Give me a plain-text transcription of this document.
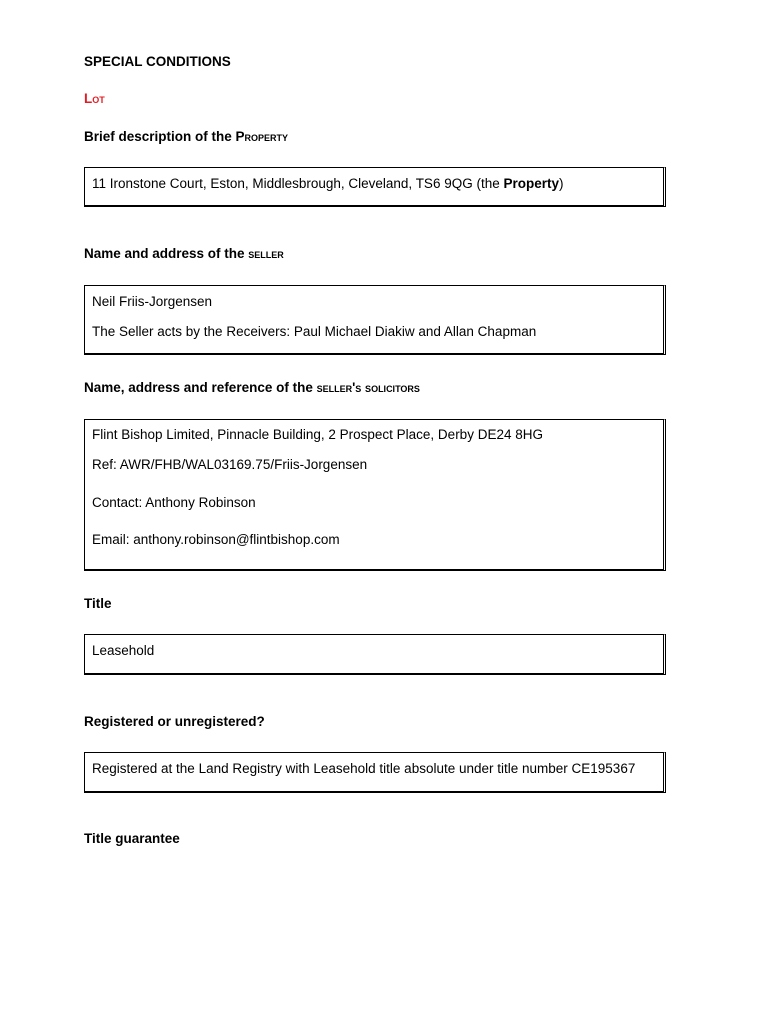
SPECIAL CONDITIONS
Lot
Brief description of the Property
11 Ironstone Court, Eston, Middlesbrough, Cleveland, TS6 9QG (the Property)
Name and address of the seller
Neil Friis-Jorgensen
The Seller acts by the Receivers: Paul Michael Diakiw and Allan Chapman
Name, address and reference of the seller's solicitors
Flint Bishop Limited, Pinnacle Building, 2 Prospect Place, Derby DE24 8HG
Ref: AWR/FHB/WAL03169.75/Friis-Jorgensen
Contact: Anthony Robinson
Email: anthony.robinson@flintbishop.com
Title
Leasehold
Registered or unregistered?
Registered at the Land Registry with Leasehold title absolute under title number CE195367
Title guarantee
